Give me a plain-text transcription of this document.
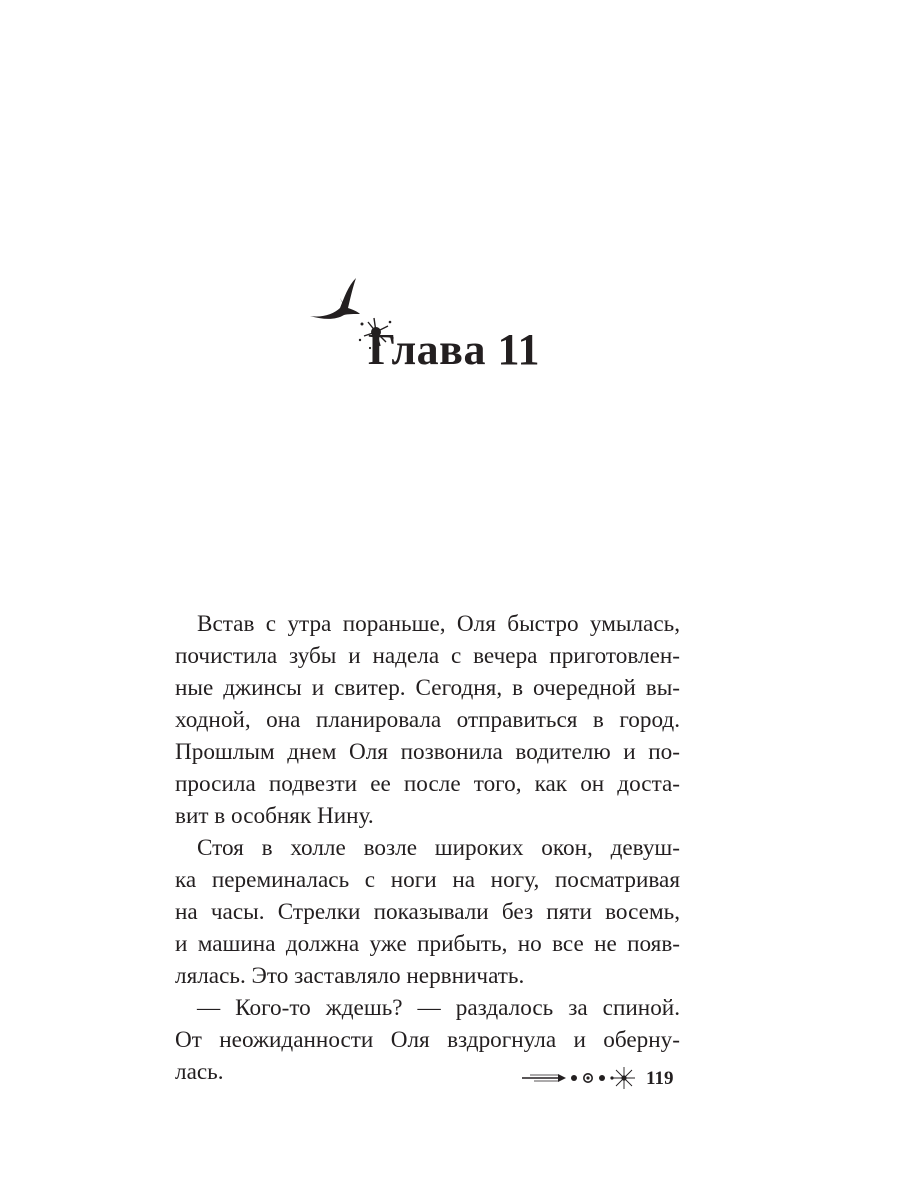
Глава 11
Встав с утра пораньше, Оля быстро умылась,
почистила зубы и надела с вечера приготовлен-
ные джинсы и свитер. Сегодня, в очередной вы-
ходной, она планировала отправиться в город.
Прошлым днем Оля позвонила водителю и по-
просила подвезти ее после того, как он доста-
вит в особняк Нину.
Стоя в холле возле широких окон, девуш-
ка переминалась с ноги на ногу, посматривая
на часы. Стрелки показывали без пяти восемь,
и машина должна уже прибыть, но все не появ-
лялась. Это заставляло нервничать.
— Кого-то ждешь? — раздалось за спиной.
От неожиданности Оля вздрогнула и оберну-
лась.	119
